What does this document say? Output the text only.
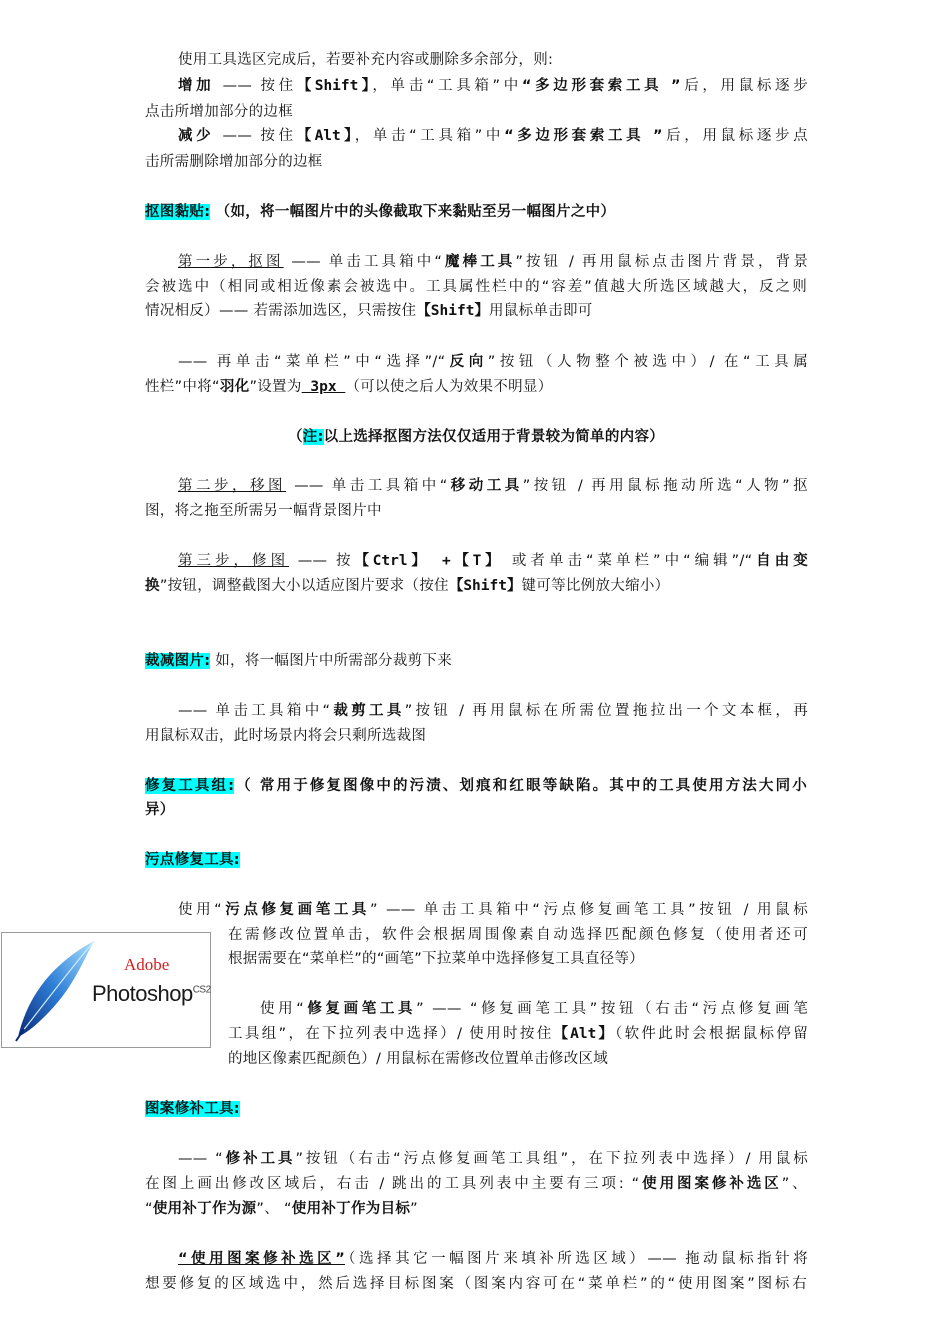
使用工具选区完成后，若要补充内容或删除多余部分，则:
增加 —— 按住【Shift】，单击“工具箱”中“多边形套索工具 ”后，用鼠标逐步
点击所增加部分的边框
减少 —— 按住【Alt】，单击“工具箱”中“多边形套索工具 ”后，用鼠标逐步点
击所需删除增加部分的边框
抠图黏贴: （如，将一幅图片中的头像截取下来黏贴至另一幅图片之中）
第一步，抠图 —— 单击工具箱中“魔棒工具”按钮 / 再用鼠标点击图片背景，背景
会被选中（相同或相近像素会被选中。工具属性栏中的“容差”值越大所选区域越大，反之则
情况相反）—— 若需添加选区，只需按住【Shift】用鼠标单击即可
—— 再单击“菜单栏”中“选择”/“反向”按钮（人物整个被选中）/ 在“工具属
性栏”中将“羽化”设置为 3px （可以使之后人为效果不明显）
（注:以上选择抠图方法仅仅适用于背景较为简单的内容）
第二步，移图 —— 单击工具箱中“移动工具”按钮 / 再用鼠标拖动所选“人物”抠
图，将之拖至所需另一幅背景图片中
第三步，修图 —— 按【Ctrl】 +【T】 或者单击“菜单栏”中“编辑”/“自由变
换”按钮，调整截图大小以适应图片要求（按住【Shift】键可等比例放大缩小）
裁减图片: 如，将一幅图片中所需部分裁剪下来
—— 单击工具箱中“裁剪工具”按钮 / 再用鼠标在所需位置拖拉出一个文本框，再
用鼠标双击，此时场景内将会只剩所选裁图
修复工具组:（ 常用于修复图像中的污渍、划痕和红眼等缺陷。其中的工具使用方法大同小
异）
污点修复工具:
使用“污点修复画笔工具” —— 单击工具箱中“污点修复画笔工具”按钮 / 用鼠标
在需修改位置单击，软件会根据周围像素自动选择匹配颜色修复（使用者还可
根据需要在“菜单栏”的“画笔”下拉菜单中选择修复工具直径等）
使用“修复画笔工具” —— “修复画笔工具”按钮（右击“污点修复画笔
工具组”，在下拉列表中选择）/ 使用时按住【Alt】（软件此时会根据鼠标停留
的地区像素匹配颜色）/ 用鼠标在需修改位置单击修改区域
Adobe
Photoshop$^{CS2}$
图案修补工具:
—— “修补工具”按钮（右击“污点修复画笔工具组”，在下拉列表中选择）/ 用鼠标
在图上画出修改区域后，右击 / 跳出的工具列表中主要有三项: “使用图案修补选区”、
“使用补丁作为源”、 “使用补丁作为目标”
“使用图案修补选区”（选择其它一幅图片来填补所选区域）—— 拖动鼠标指针将
想要修复的区域选中，然后选择目标图案（图案内容可在“菜单栏”的“使用图案”图标右
